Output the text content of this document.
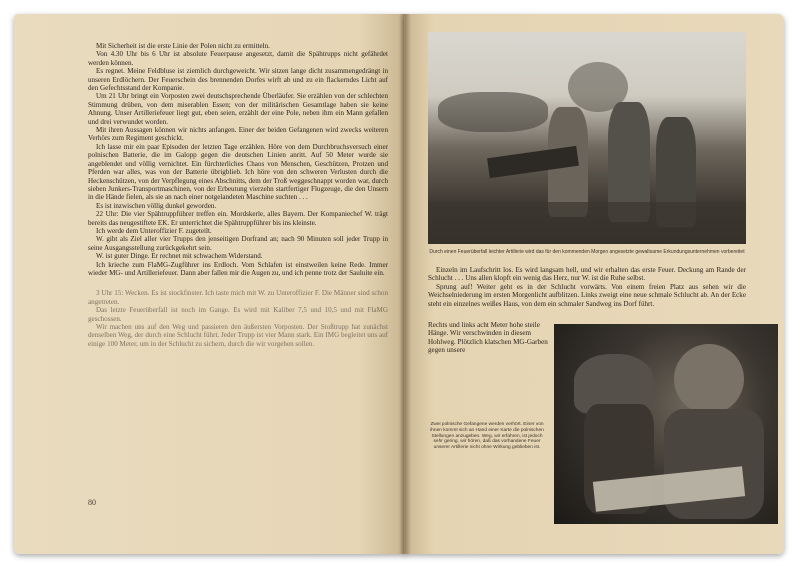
Mit Sicherheit ist die erste Linie der Polen nicht zu ermitteln.

Von 4.30 Uhr bis 6 Uhr ist absolute Feuerpause angesetzt, damit die Spähtrupps nicht gefährdet werden können.

Es regnet. Meine Feldbluse ist ziemlich durchgeweicht. Wir sitzen lange dicht zusammengedrängt in unseren Erdlöchern. Der Feuerschein des brennenden Dorfes wirft ab und zu ein flackerndes Licht auf den Gefechtsstand der Kompanie.

Um 21 Uhr bringt ein Vorposten zwei deutschsprechende Überläufer. Sie erzählen von der schlechten Stimmung drüben, von dem miserablen Essen; von der militärischen Gesamtlage haben sie keine Ahnung. Unser Artilleriefeuer liegt gut, eben seien, erzählt der eine Pole, neben ihm ein Mann gefallen und drei verwundet worden.

Mit ihren Aussagen können wir nichts anfangen. Einer der beiden Gefangenen wird zwecks weiteren Verhörs zum Regiment geschickt.

Ich lasse mir ein paar Episoden der letzten Tage erzählen. Höre von dem Durchbruchsversuch einer polnischen Batterie, die im Galopp gegen die deutschen Linien anritt. Auf 50 Meter wurde sie angeblendet und völlig vernichtet. Ein fürchterliches Chaos von Menschen, Geschützen, Protzen und Pferden war alles, was von der Batterie übrigblieb. Ich höre von den schweren Verlusten durch die Heckenschützen, von der Verpflegung eines Abschnitts, dem der Troß weggeschnappt worden war, durch sieben Junkers-Transportmaschinen, von der Erbeutung vierzehn startfertiger Flugzeuge, die den Unsern in die Hände fielen, als sie an nach einer notgelandeten Maschine suchten . . .

Es ist inzwischen völlig dunkel geworden.

22 Uhr: Die vier Spähtruppführer treffen ein. Mordskerle, alles Bayern. Der Kompaniechef W. trägt bereits das neugestiftete EK. Er unterrichtet die Spähtruppführer bis ins kleinste.

Ich werde dem Unteroffizier F. zugeteilt.

W. gibt als Ziel aller vier Trupps den jenseitigen Dorfrand an; nach 90 Minuten soll jeder Trupp in seine Ausgangsstellung zurückgekehrt sein.

W. ist guter Dinge. Er rechnet mit schwachem Widerstand.

Ich kriechе zum FlaMG-Zugführer ins Erdloch. Vom Schlafen ist einstweilen keine Rede. Immer wieder MG- und Artilleriefeuer. Dann aber fallen mir die Augen zu, und ich penne trotz der Sauluite ein.

3 Uhr 15: Wecken. Es ist stockfinster. Ich taste mich mit W. zu Unteroffizier F. Die Männer sind schon angetreten.

Das letzte Feuerüberfall ist noch im Gange. Es wird mit Kaliber 7,5 und 10,5 und mit FlaMG geschossen.

Wir machen uns auf den Weg und passieren den äußersten Vorposten. Der Stoßtrupp hat zunächst denselben Weg, der durch eine Schlucht führt. Jeder Trupp ist vier Mann stark. Ein IMG begleitet uns auf einige 100 Meter, um in der Schlucht zu sichern, durch die wir vorgehen sollen.

80
Durch einen Feuerüberfall leichter Artillerie wird das für den kommenden Morgen angesetzte gewaltsame Erkundungsunternehmen vorbereitet

Einzeln im Laufschritt los. Es wird langsam hell, und wir erhalten das erste Feuer. Deckung am Rande der Schlucht . . . Uns allen klopft ein wenig das Herz, nur W. ist die Ruhe selbst.

Sprung auf! Weiter geht es in der Schlucht vorwärts. Von einem freien Platz aus sehen wir die Weichselniederung im ersten Morgenlicht aufblitzen. Links zweigt eine neue schmale Schlucht ab. An der Ecke steht ein einzelnes weißes Haus, von dem ein schmaler Sandweg ins Dorf führt.

Rechts und links acht Meter hohe steile Hänge. Wir verschwinden in diesem Hohlweg. Plötzlich klatschen MG-Garben gegen unsere
Zwei polnische Gefangene werden verhört. Einer von ihnen kommt sich an Hand einer Karte die polnischen Stellungen anzugeben. Weg, wir erfahren, ist jedoch sehr gering, wir hören, daß das vorhandene Feuer unserer Artillerie nicht ohne Wirkung geblieben ist.
